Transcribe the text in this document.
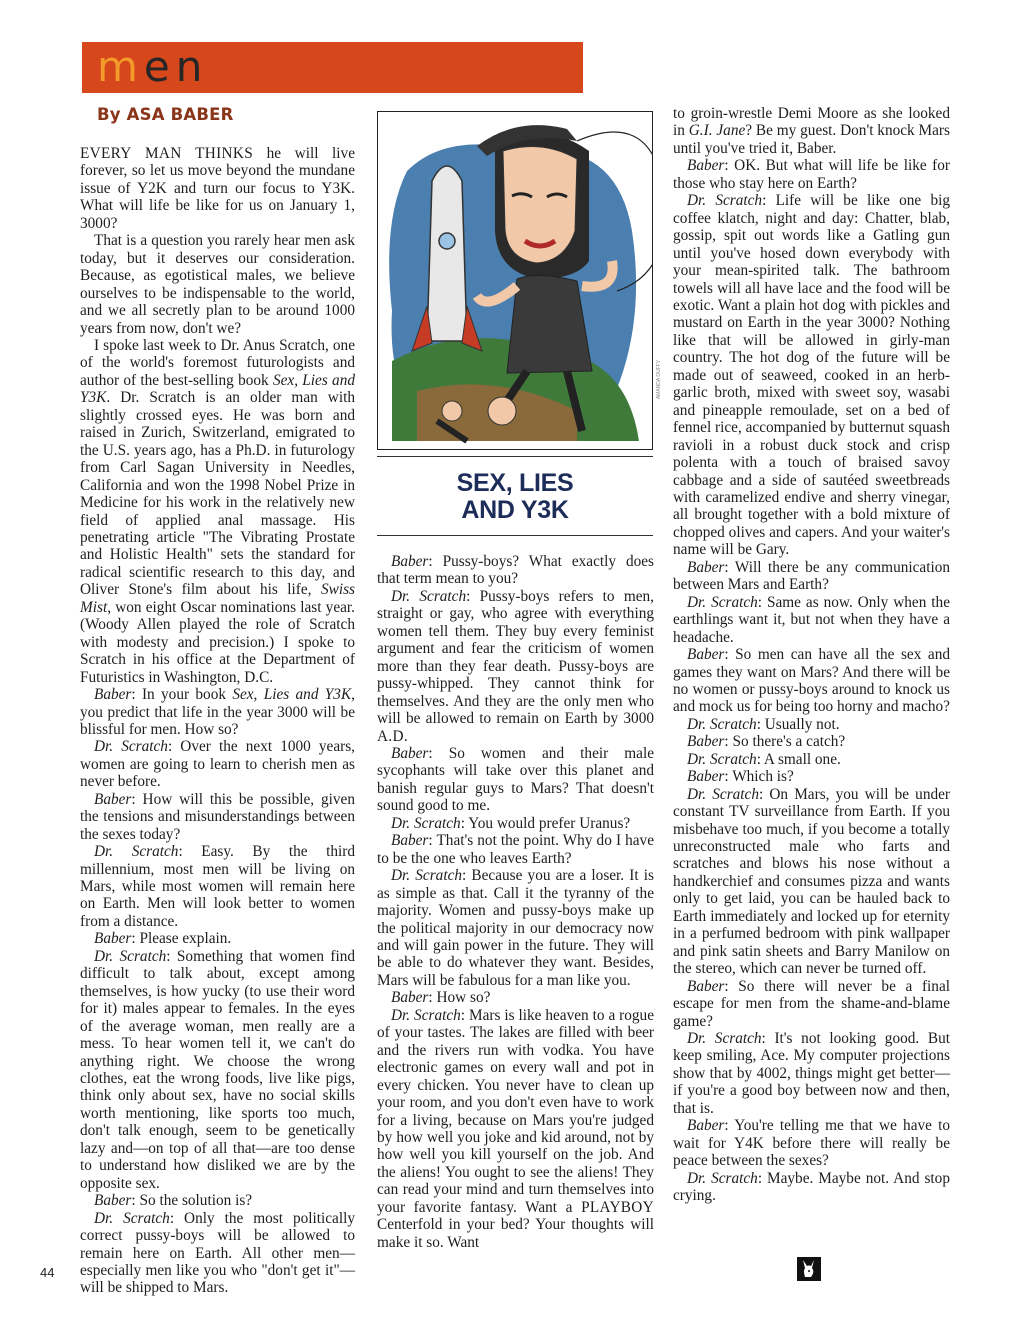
men
By ASA BABER

EVERY MAN THINKS he will live forever, so let us move beyond the mundane issue of Y2K and turn our focus to Y3K. What will life be like for us on January 1, 3000?

That is a question you rarely hear men ask today, but it deserves our consideration. Because, as egotistical males, we believe ourselves to be indispensable to the world, and we all secretly plan to be around 1000 years from now, don't we?

I spoke last week to Dr. Anus Scratch, one of the world's foremost futurologists and author of the best-selling book Sex, Lies and Y3K. Dr. Scratch is an older man with slightly crossed eyes. He was born and raised in Zurich, Switzerland, emigrated to the U.S. years ago, has a Ph.D. in futurology from Carl Sagan University in Needles, California and won the 1998 Nobel Prize in Medicine for his work in the relatively new field of applied anal massage. His penetrating article "The Vibrating Prostate and Holistic Health" sets the standard for radical scientific research to this day, and Oliver Stone's film about his life, Swiss Mist, won eight Oscar nominations last year. (Woody Allen played the role of Scratch with modesty and precision.) I spoke to Scratch in his office at the Department of Futuristics in Washington, D.C.

Baber: In your book Sex, Lies and Y3K, you predict that life in the year 3000 will be blissful for men. How so?

Dr. Scratch: Over the next 1000 years, women are going to learn to cherish men as never before.

Baber: How will this be possible, given the tensions and misunderstandings between the sexes today?

Dr. Scratch: Easy. By the third millennium, most men will be living on Mars, while most women will remain here on Earth. Men will look better to women from a distance.

Baber: Please explain.

Dr. Scratch: Something that women find difficult to talk about, except among themselves, is how yucky (to use their word for it) males appear to females. In the eyes of the average woman, men really are a mess. To hear women tell it, we can't do anything right. We choose the wrong clothes, eat the wrong foods, live like pigs, think only about sex, have no social skills worth mentioning, like sports too much, don't talk enough, seem to be genetically lazy and—on top of all that—are too dense to understand how disliked we are by the opposite sex.

Baber: So the solution is?

Dr. Scratch: Only the most politically correct pussy-boys will be allowed to remain here on Earth. All other men—especially men like you who "don't get it"—will be shipped to Mars.

AMANDA DUFFY
SEX, LIES
AND Y3K

Baber: Pussy-boys? What exactly does that term mean to you?

Dr. Scratch: Pussy-boys refers to men, straight or gay, who agree with everything women tell them. They buy every feminist argument and fear the criticism of women more than they fear death. Pussy-boys are pussy-whipped. They cannot think for themselves. And they are the only men who will be allowed to remain on Earth by 3000 A.D.

Baber: So women and their male sycophants will take over this planet and banish regular guys to Mars? That doesn't sound good to me.

Dr. Scratch: You would prefer Uranus?

Baber: That's not the point. Why do I have to be the one who leaves Earth?

Dr. Scratch: Because you are a loser. It is as simple as that. Call it the tyranny of the majority. Women and pussy-boys make up the political majority in our democracy now and will gain power in the future. They will be able to do whatever they want. Besides, Mars will be fabulous for a man like you.

Baber: How so?

Dr. Scratch: Mars is like heaven to a rogue of your tastes. The lakes are filled with beer and the rivers run with vodka. You have electronic games on every wall and pot in every chicken. You never have to clean up your room, and you don't even have to work for a living, because on Mars you're judged by how well you joke and kid around, not by how well you kill yourself on the job. And the aliens! You ought to see the aliens! They can read your mind and turn themselves into your favorite fantasy. Want a PLAYBOY Centerfold in your bed? Your thoughts will make it so. Want

to groin-wrestle Demi Moore as she looked in G.I. Jane? Be my guest. Don't knock Mars until you've tried it, Baber.

Baber: OK. But what will life be like for those who stay here on Earth?

Dr. Scratch: Life will be like one big coffee klatch, night and day: Chatter, blab, gossip, spit out words like a Gatling gun until you've hosed down everybody with your mean-spirited talk. The bathroom towels will all have lace and the food will be exotic. Want a plain hot dog with pickles and mustard on Earth in the year 3000? Nothing like that will be allowed in girly-man country. The hot dog of the future will be made out of seaweed, cooked in an herb-garlic broth, mixed with sweet soy, wasabi and pineapple remoulade, set on a bed of fennel rice, accompanied by butternut squash ravioli in a robust duck stock and crisp polenta with a touch of braised savoy cabbage and a side of sautéed sweetbreads with caramelized endive and sherry vinegar, all brought together with a bold mixture of chopped olives and capers. And your waiter's name will be Gary.

Baber: Will there be any communication between Mars and Earth?

Dr. Scratch: Same as now. Only when the earthlings want it, but not when they have a headache.

Baber: So men can have all the sex and games they want on Mars? And there will be no women or pussy-boys around to knock us and mock us for being too horny and macho?

Dr. Scratch: Usually not.

Baber: So there's a catch?

Dr. Scratch: A small one.

Baber: Which is?

Dr. Scratch: On Mars, you will be under constant TV surveillance from Earth. If you misbehave too much, if you become a totally unreconstructed male who farts and scratches and blows his nose without a handkerchief and consumes pizza and wants only to get laid, you can be hauled back to Earth immediately and locked up for eternity in a perfumed bedroom with pink wallpaper and pink satin sheets and Barry Manilow on the stereo, which can never be turned off.

Baber: So there will never be a final escape for men from the shame-and-blame game?

Dr. Scratch: It's not looking good. But keep smiling, Ace. My computer projections show that by 4002, things might get better—if you're a good boy between now and then, that is.

Baber: You're telling me that we have to wait for Y4K before there will really be peace between the sexes?

Dr. Scratch: Maybe. Maybe not. And stop crying.

44
